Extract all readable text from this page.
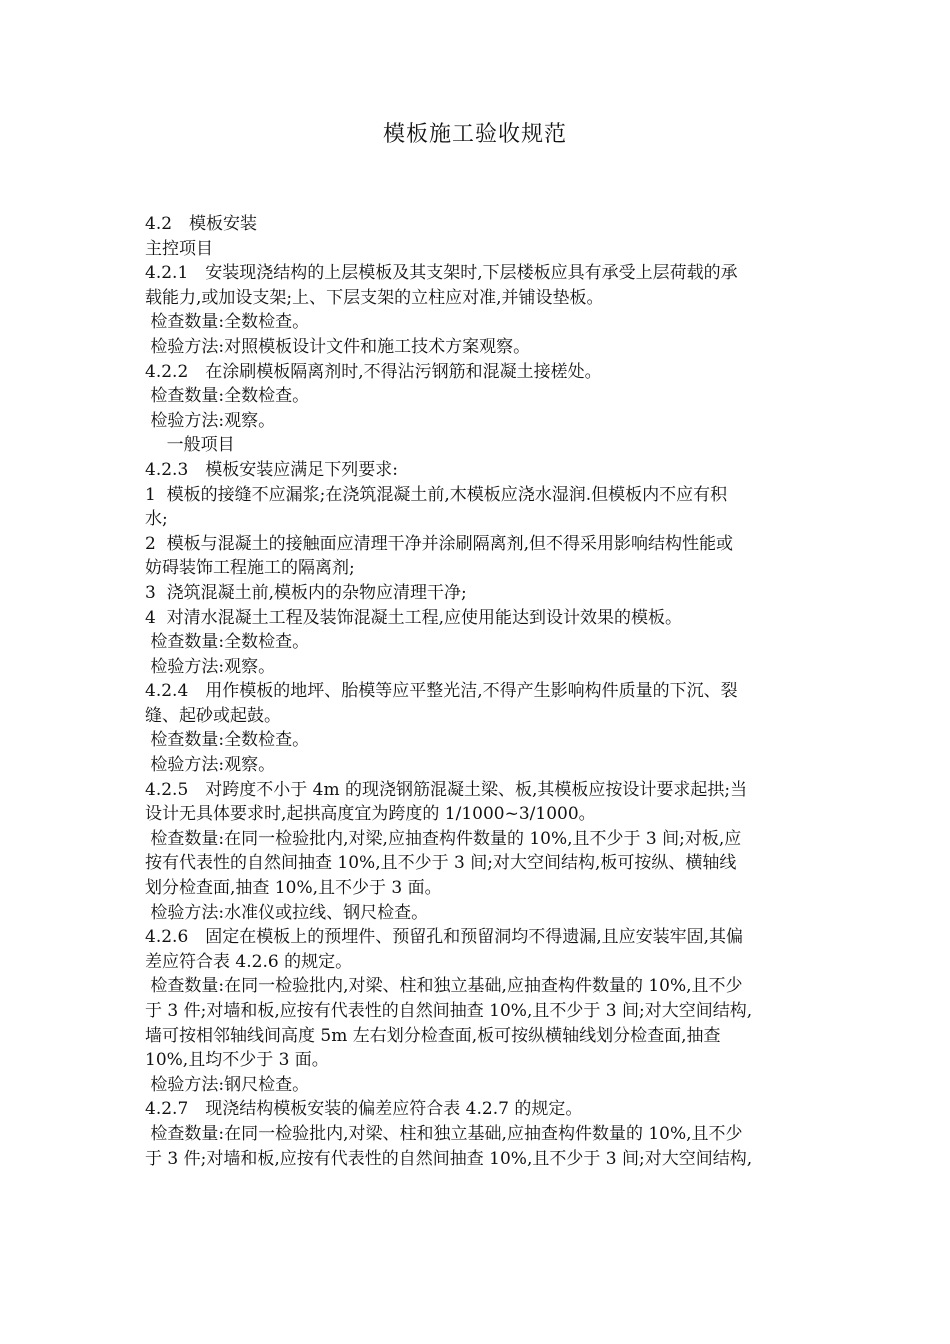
模板施工验收规范
4.2　模板安装
主控项目
4.2.1　安装现浇结构的上层模板及其支架时,下层楼板应具有承受上层荷载的承
载能力,或加设支架;上、下层支架的立柱应对准,并铺设垫板。
检查数量:全数检查。
检验方法:对照模板设计文件和施工技术方案观察。
4.2.2　在涂刷模板隔离剂时,不得沾污钢筋和混凝土接槎处。
检查数量:全数检查。
检验方法:观察。
一般项目
4.2.3　模板安装应满足下列要求:
1  模板的接缝不应漏浆;在浇筑混凝土前,木模板应浇水湿润.但模板内不应有积
水;
2  模板与混凝土的接触面应清理干净并涂刷隔离剂,但不得采用影响结构性能或
妨碍装饰工程施工的隔离剂;
3  浇筑混凝土前,模板内的杂物应清理干净;
4  对清水混凝土工程及装饰混凝土工程,应使用能达到设计效果的模板。
检查数量:全数检查。
检验方法:观察。
4.2.4　用作模板的地坪、胎模等应平整光洁,不得产生影响构件质量的下沉、裂
缝、起砂或起鼓。
检查数量:全数检查。
检验方法:观察。
4.2.5　对跨度不小于 4m 的现浇钢筋混凝土梁、板,其模板应按设计要求起拱;当
设计无具体要求时,起拱高度宜为跨度的 1/1000~3/1000。
检查数量:在同一检验批内,对梁,应抽查构件数量的 10%,且不少于 3 间;对板,应
按有代表性的自然间抽查 10%,且不少于 3 间;对大空间结构,板可按纵、横轴线
划分检查面,抽查 10%,且不少于 3 面。
检验方法:水准仪或拉线、钢尺检查。
4.2.6　固定在模板上的预埋件、预留孔和预留洞均不得遗漏,且应安装牢固,其偏
差应符合表 4.2.6 的规定。
检查数量:在同一检验批内,对梁、柱和独立基础,应抽查构件数量的 10%,且不少
于 3 件;对墙和板,应按有代表性的自然间抽查 10%,且不少于 3 间;对大空间结构,
墙可按相邻轴线间高度 5m 左右划分检查面,板可按纵横轴线划分检查面,抽查
10%,且均不少于 3 面。
检验方法:钢尺检查。
4.2.7　现浇结构模板安装的偏差应符合表 4.2.7 的规定。
检查数量:在同一检验批内,对梁、柱和独立基础,应抽查构件数量的 10%,且不少
于 3 件;对墙和板,应按有代表性的自然间抽查 10%,且不少于 3 间;对大空间结构,
